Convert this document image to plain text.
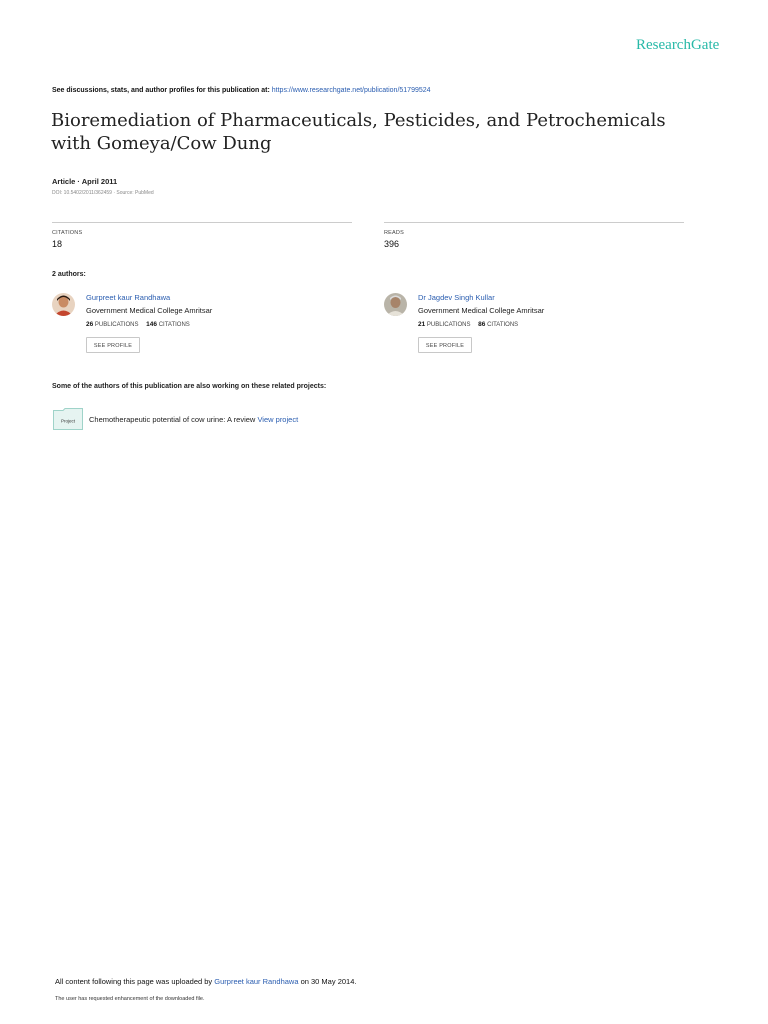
ResearchGate
See discussions, stats, and author profiles for this publication at: https://www.researchgate.net/publication/51799524
Bioremediation of Pharmaceuticals, Pesticides, and Petrochemicals with Gomeya/Cow Dung
Article · April 2011
DOI: 10.5402/2011/362459 · Source: PubMed
CITATIONS
18
READS
396
2 authors:
Gurpreet kaur Randhawa
Government Medical College Amritsar
26 PUBLICATIONS 146 CITATIONS
SEE PROFILE
Dr Jagdev Singh Kullar
Government Medical College Amritsar
21 PUBLICATIONS 86 CITATIONS
SEE PROFILE
Some of the authors of this publication are also working on these related projects:
Project Chemotherapeutic potential of cow urine: A review View project
All content following this page was uploaded by Gurpreet kaur Randhawa on 30 May 2014.
The user has requested enhancement of the downloaded file.
